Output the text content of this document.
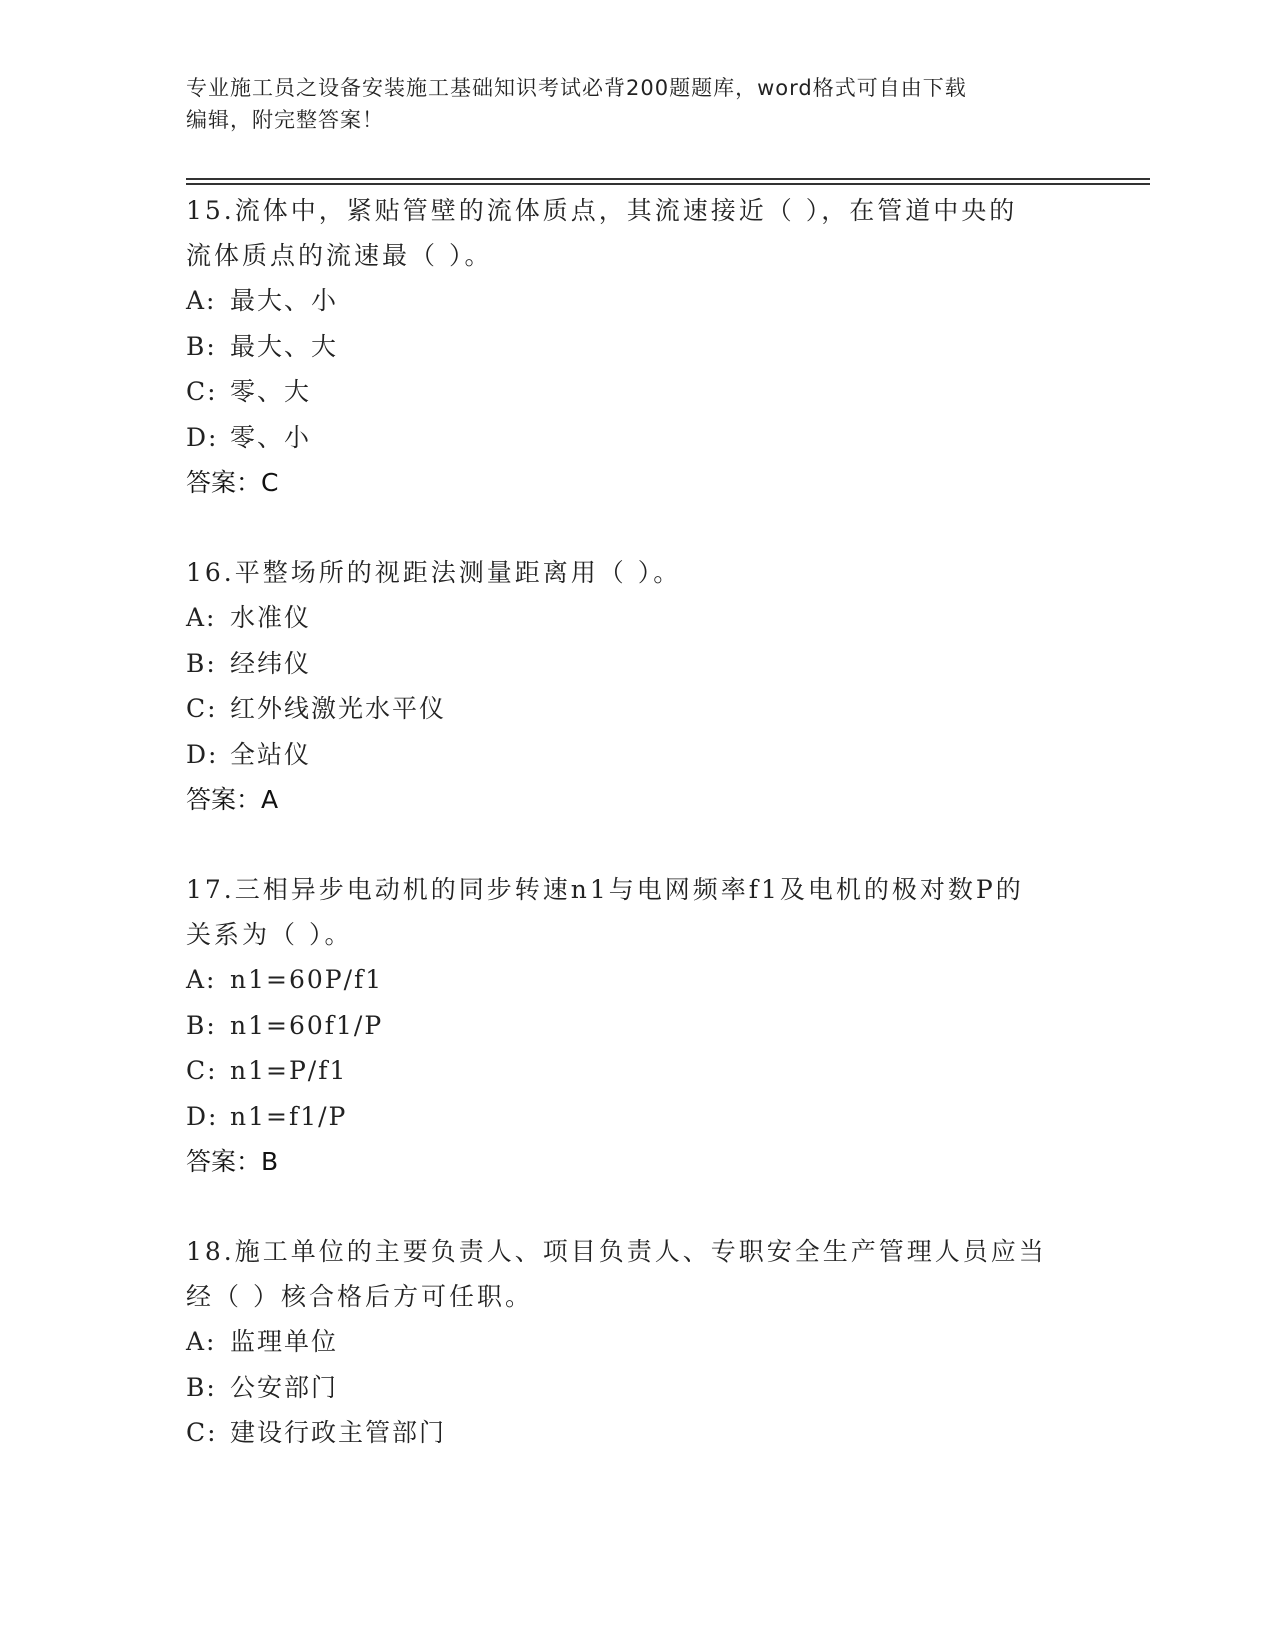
专业施工员之设备安装施工基础知识考试必背200题题库，word格式可自由下载
编辑，附完整答案！

15.流体中，紧贴管壁的流体质点，其流速接近（ ），在管道中央的

流体质点的流速最（ ）。

A: 最大、小

B: 最大、大

C: 零、大

D: 零、小

答案：C

16.平整场所的视距法测量距离用（ ）。

A: 水准仪

B: 经纬仪

C: 红外线激光水平仪

D: 全站仪

答案：A

17.三相异步电动机的同步转速n1与电网频率f1及电机的极对数P的

关系为（ ）。

A: n1=60P/f1

B: n1=60f1/P

C: n1=P/f1

D: n1=f1/P

答案：B

18.施工单位的主要负责人、项目负责人、专职安全生产管理人员应当

经（ ）核合格后方可任职。

A: 监理单位

B: 公安部门

C: 建设行政主管部门
